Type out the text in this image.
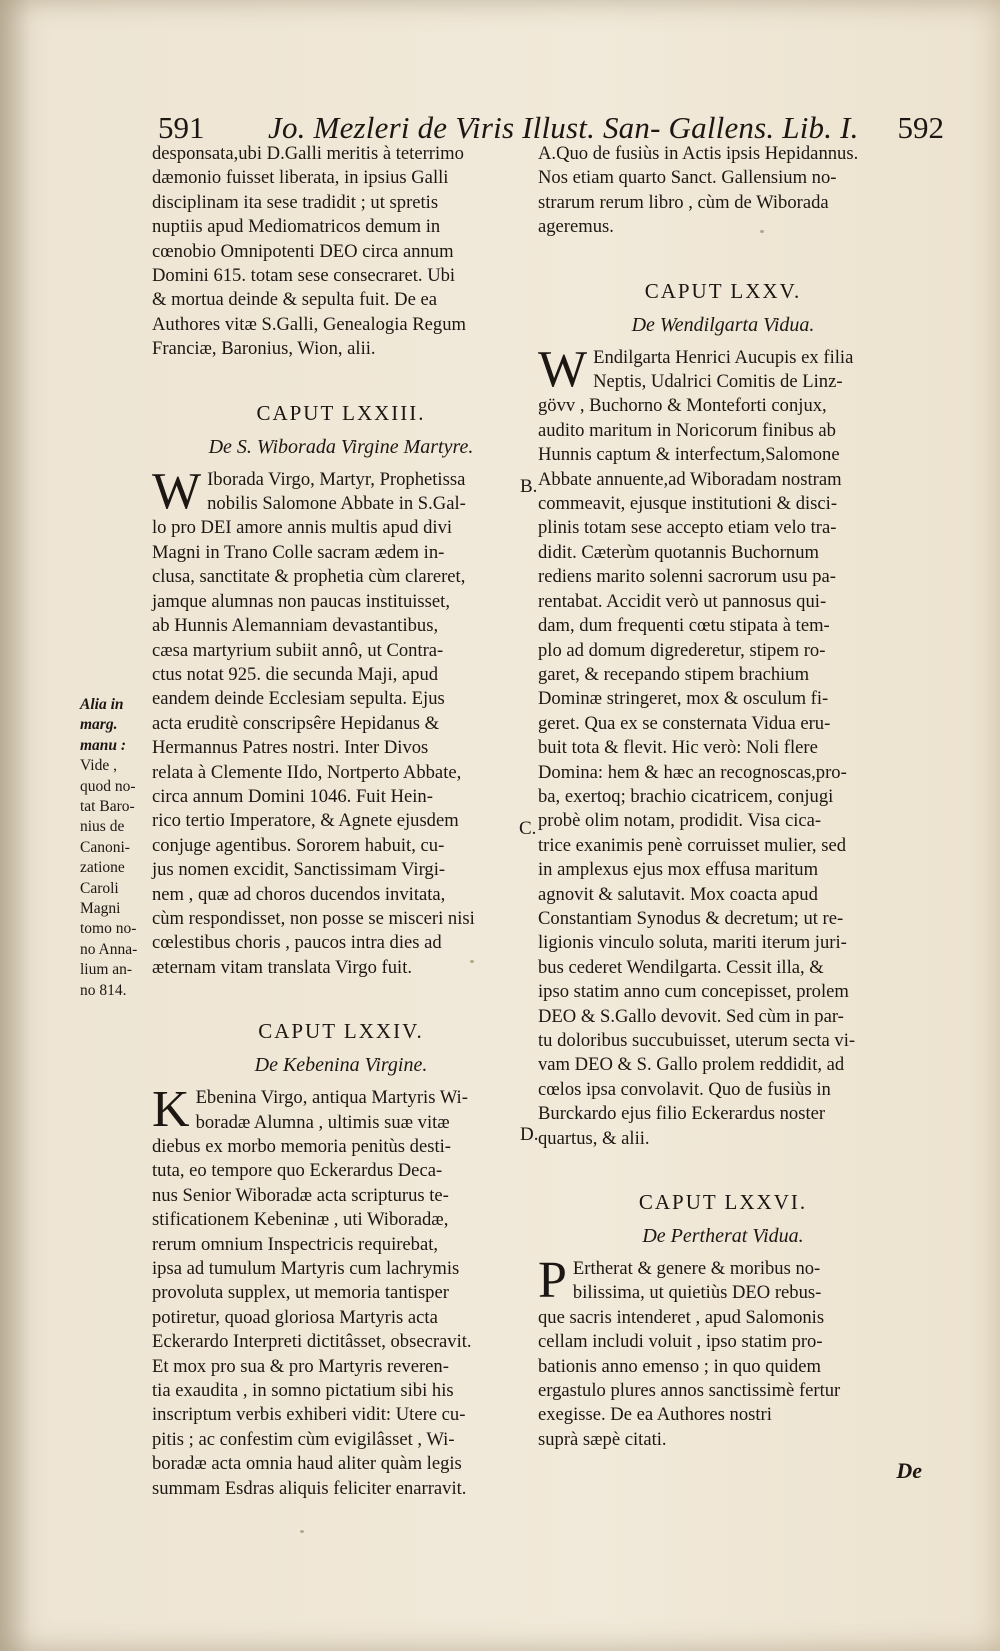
591 Jo. Mezleri de Viris Illust. San- Gallens. Lib. I. 592
desponsata,ubi D.Galli meritis à teterrimo
dæmonio fuisset liberata, in ipsius Galli
disciplinam ita sese tradidit ; ut spretis
nuptiis apud Mediomatricos demum in
cœnobio Omnipotenti DEO circa annum
Domini 615. totam sese consecraret. Ubi
& mortua deinde & sepulta fuit. De ea
Authores vitæ S.Galli, Genealogia Regum
Franciæ, Baronius, Wion, alii.
CAPUT LXXIII.
De S. Wiborada Virgine Martyre.
W Iborada Virgo, Martyr, Prophetissa
nobilis Salomone Abbate in S.Gal-
lo pro DEI amore annis multis apud divi
Magni in Trano Colle sacram ædem in-
clusa, sanctitate & prophetia cùm clareret,
jamque alumnas non paucas instituisset,
ab Hunnis Alemanniam devastantibus,
cæsa martyrium subiit annô, ut Contra-
ctus notat 925. die secunda Maji, apud
eandem deinde Ecclesiam sepulta. Ejus
acta eruditè conscripsêre Hepidanus &
Hermannus Patres nostri. Inter Divos
relata à Clemente IIdo, Nortperto Abbate,
circa annum Domini 1046. Fuit Hein-
rico tertio Imperatore, & Agnete ejusdem
conjuge agentibus. Sororem habuit, cu-
jus nomen excidit, Sanctissimam Virgi-
nem , quæ ad choros ducendos invitata,
cùm respondisset, non posse se misceri nisi
cœlestibus choris , paucos intra dies ad
æternam vitam translata Virgo fuit.
CAPUT LXXIV.
De Kebenina Virgine.
K Ebenina Virgo, antiqua Martyris Wi-
boradæ Alumna , ultimis suæ vitæ
diebus ex morbo memoria penitùs desti-
tuta, eo tempore quo Eckerardus Deca-
nus Senior Wiboradæ acta scripturus te-
stificationem Kebeninæ , uti Wiboradæ,
rerum omnium Inspectricis requirebat,
ipsa ad tumulum Martyris cum lachrymis
provoluta supplex, ut memoria tantisper
potiretur, quoad gloriosa Martyris acta
Eckerardo Interpreti dictitâsset, obsecravit.
Et mox pro sua & pro Martyris reveren-
tia exaudita , in somno pictatium sibi his
inscriptum verbis exhiberi vidit: Utere cu-
pitis ; ac confestim cùm evigilâsset , Wi-
boradæ acta omnia haud aliter quàm legis
summam Esdras aliquis feliciter enarravit.
A.Quo de fusiùs in Actis ipsis Hepidannus.
Nos etiam quarto Sanct. Gallensium no-
strarum rerum libro , cùm de Wiborada
ageremus.
CAPUT LXXV.
De Wendilgarta Vidua.
W Endilgarta Henrici Aucupis ex filia
Neptis, Udalrici Comitis de Linz-
gövv , Buchorno & Monteforti conjux,
audito maritum in Noricorum finibus ab
Hunnis captum & interfectum,Salomone
Abbate annuente,ad Wiboradam nostram
commeavit, ejusque institutioni & disci-
plinis totam sese accepto etiam velo tra-
didit. Cæterùm quotannis Buchornum
rediens marito solenni sacrorum usu pa-
rentabat. Accidit verò ut pannosus qui-
dam, dum frequenti cœtu stipata à tem-
plo ad domum digrederetur, stipem ro-
garet, & recepando stipem brachium
Dominæ stringeret, mox & osculum fi-
geret. Qua ex se consternata Vidua eru-
buit tota & flevit. Hic verò: Noli flere
Domina: hem & hæc an recognoscas,pro-
ba, exertoq; brachio cicatricem, conjugi
probè olim notam, prodidit. Visa cica-
trice exanimis penè corruisset mulier, sed
in amplexus ejus mox effusa maritum
agnovit & salutavit. Mox coacta apud
Constantiam Synodus & decretum; ut re-
ligionis vinculo soluta, mariti iterum juri-
bus cederet Wendilgarta. Cessit illa, &
ipso statim anno cum concepisset, prolem
DEO & S.Gallo devovit. Sed cùm in par-
tu doloribus succubuisset, uterum secta vi-
vam DEO & S. Gallo prolem reddidit, ad
cœlos ipsa convolavit. Quo de fusiùs in
Burckardo ejus filio Eckerardus noster
quartus, & alii.
CAPUT LXXVI.
De Pertherat Vidua.
P Ertherat & genere & moribus no-
bilissima, ut quietiùs DEO rebus-
que sacris intenderet , apud Salomonis
cellam includi voluit , ipso statim pro-
bationis anno emenso ; in quo quidem
ergastulo plures annos sanctissimè fertur
exegisse. De ea Authores nostri
suprà sæpè citati.
Alia in
marg.
manu :
Vide ,
quod no-
tat Baro-
nius de
Canoni-
zatione
Caroli
Magni
tomo no-
no Anna-
lium an-
no 814.
B.
C.
D.
De
